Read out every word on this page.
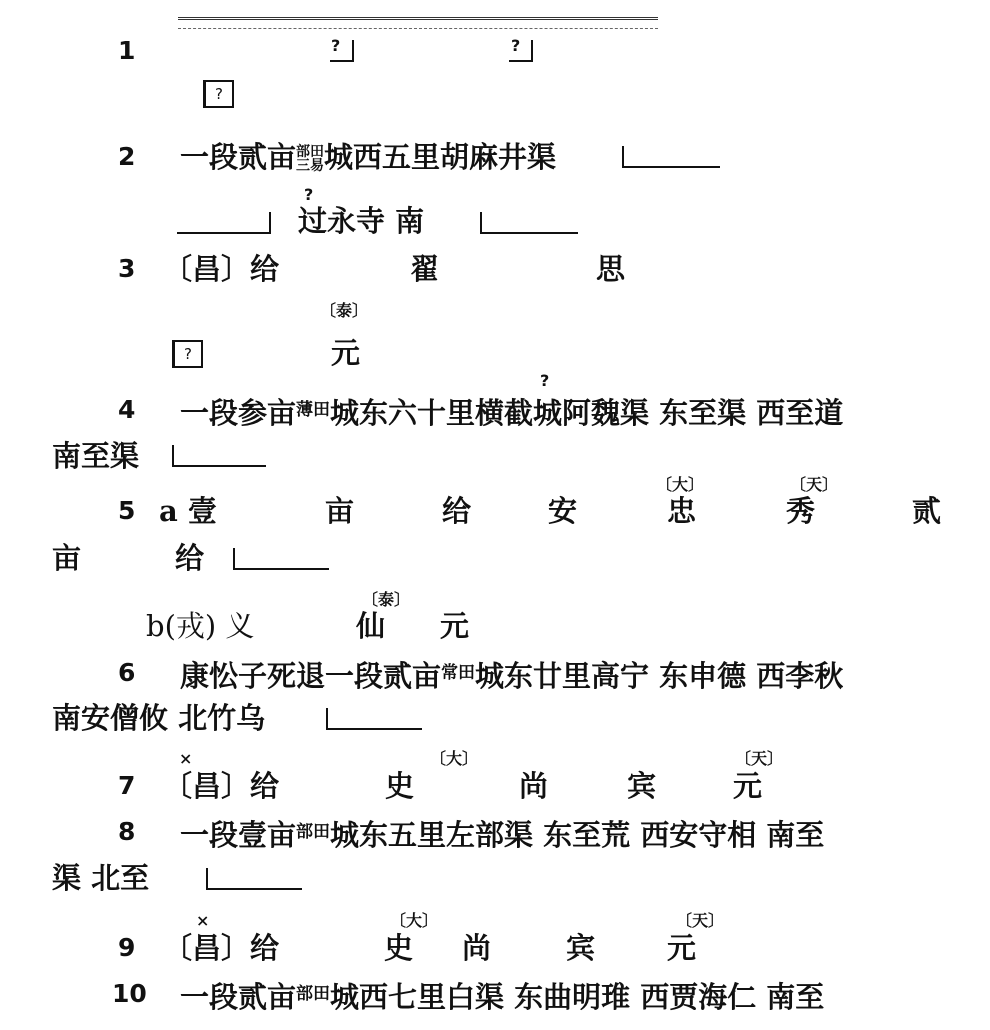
1	?	?
?
2 一段贰亩部田
三易城西五里胡麻井渠
?
过永寺 南
3 〔昌〕给	翟	思
〔泰〕
?	元
4
?
一段参亩$^{薄田}$城东六十里横截城阿魏渠 东至渠 西至道
南至渠
〔大〕	〔天〕
5 a 壹	亩	给	安	忠	秀	贰
亩	给
〔泰〕
b(戎) 义	仙 元
6 康忪子死退一段贰亩$^{常田}$城东廿里高宁 东申德 西李秋
南安僧攸 北竹乌
×	〔大〕	〔天〕
7 〔昌〕给	史	尚	宾	元
8 一段壹亩$^{部田}$城东五里左部渠 东至荒 西安守相 南至
渠 北至
×	〔大〕	〔天〕
9 〔昌〕给	史 尚	宾 元
10 一段贰亩$^{部田}$城西七里白渠 东曲明琟 西贾海仁 南至
